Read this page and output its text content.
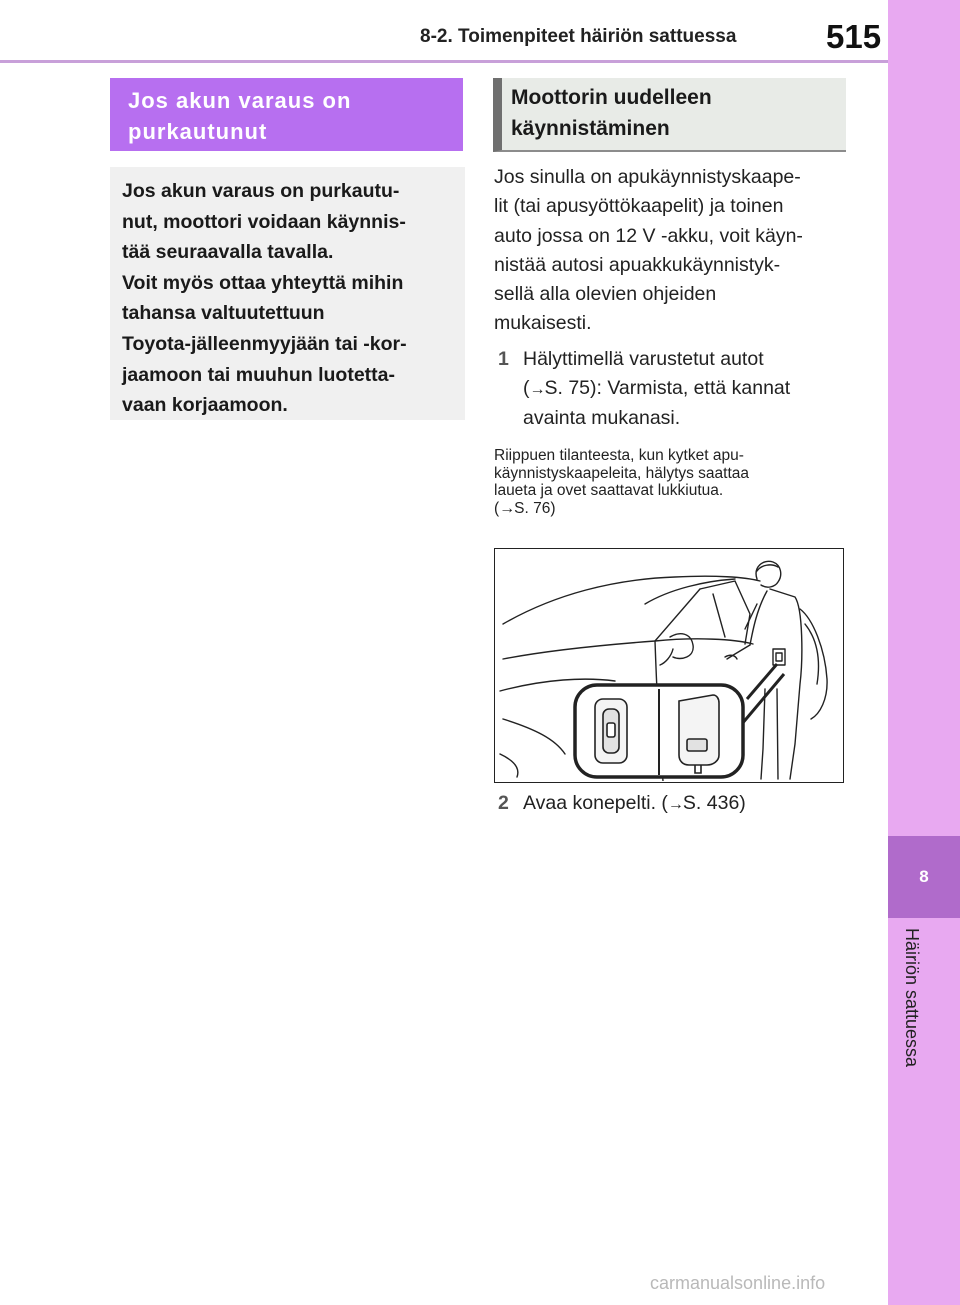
8-2. Toimenpiteet häiriön sattuessa	515
8
Häiriön sattuessa
Jos akun varaus on purkautunut

Jos akun varaus on purkautu-

nut, moottori voidaan käynnis-

tää seuraavalla tavalla.

Voit myös ottaa yhteyttä mihin

tahansa valtuutettuun

Toyota-jälleenmyyjään tai -kor-

jaamoon tai muuhun luotetta-

vaan korjaamoon.

Moottorin uudelleen
käynnistäminen
Jos sinulla on apukäynnistyskaape-
lit (tai apusyöttökaapelit) ja toinen
auto jossa on 12 V -akku, voit käyn-
nistää autosi apuakkukäynnistyk-
sellä alla olevien ohjeiden
mukaisesti.
1 Hälyttimellä varustetut autot
(→S. 75): Varmista, että kannat
avainta mukanasi.
Riippuen tilanteesta, kun kytket apu-
käynnistyskaapeleita, hälytys saattaa
laueta ja ovet saattavat lukkiutua.
(→S. 76)
2 Avaa konepelti. (→S. 436)
carmanualsonline.info
